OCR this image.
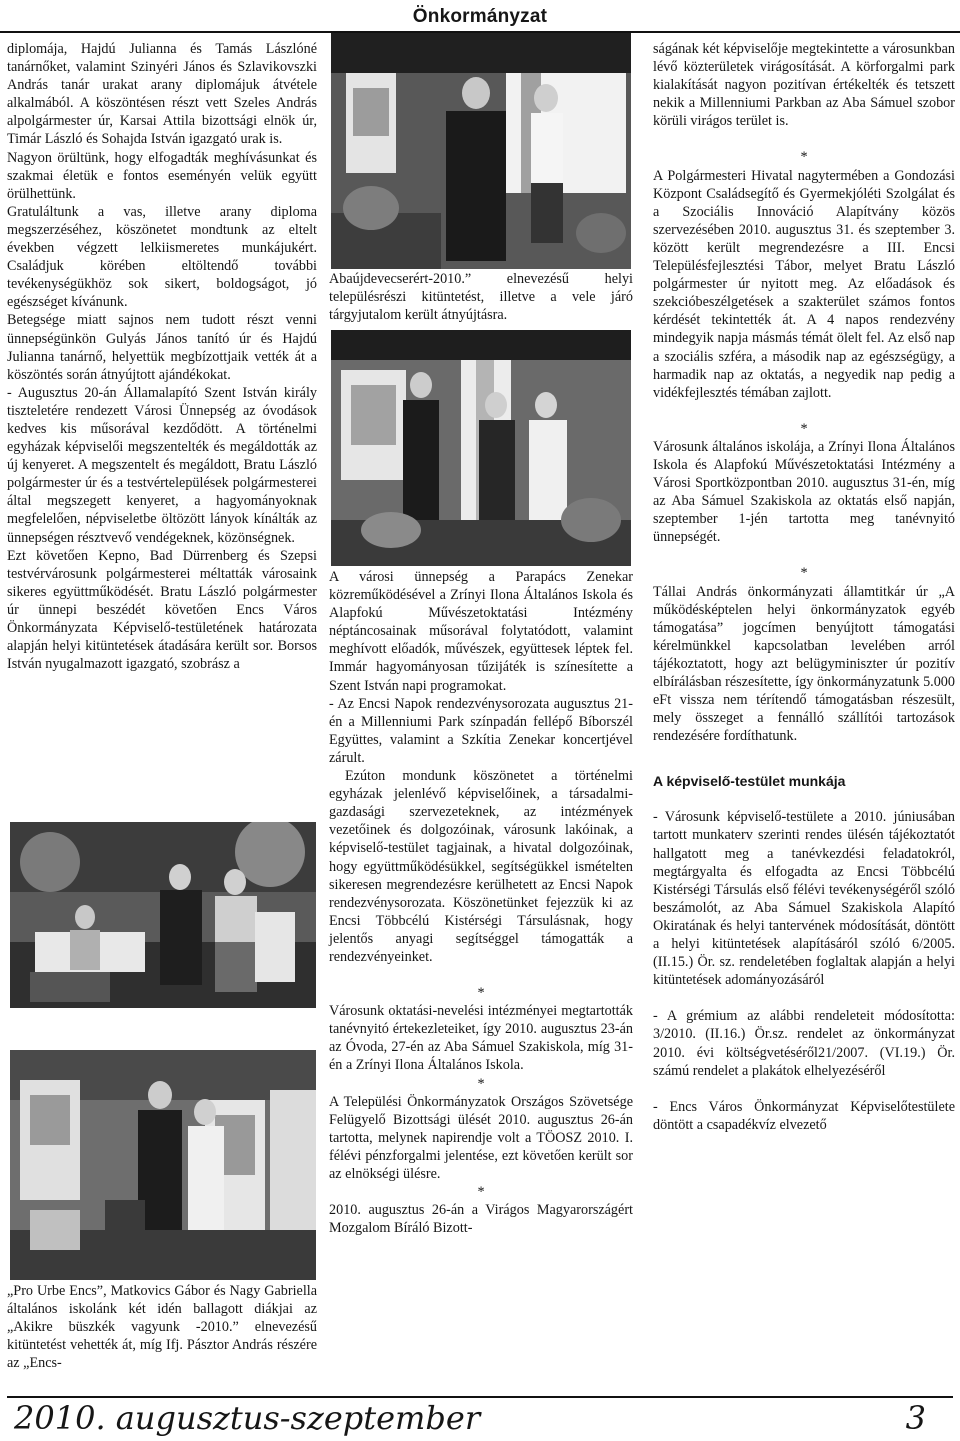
Önkormányzat

diplomája, Hajdú Julianna és Tamás Lászlóné tanárnőket, valamint Szinyéri János és Szlavikovszki András tanár urakat arany diplomájuk átvétele alkalmából. A köszöntésen részt vett Szeles András alpolgármester úr, Karsai Attila bizottsági elnök úr, Timár László és Sohajda István igazgató urak is.

Nagyon örültünk, hogy elfogadták meghívásunkat és szakmai életük e fontos eseményén velük együtt örülhettünk.

Gratuláltunk a vas, illetve arany diploma megszerzéséhez, köszönetet mondtunk az eltelt években végzett lelkiismeretes munkájukért. Családjuk körében eltöltendő további tevékenységükhöz sok sikert, boldogságot, jó egészséget kívánunk.

Betegsége miatt sajnos nem tudott részt venni ünnepségünkön Gulyás János tanító úr és Hajdú Julianna tanárnő, helyettük megbízottjaik vették át a köszöntés során átnyújtott ajándékokat.

- Augusztus 20-án Államalapító Szent István király tiszteletére rendezett Városi Ünnepség az óvodások kedves kis műsorával kezdődött. A történelmi egyházak képviselői megszentelték és megáldották az új kenyeret. A megszentelt és megáldott, Bratu László polgármester úr és a testvértelepülések polgármesterei által megszegett kenyeret, a hagyományoknak megfelelően, népviseletbe öltözött lányok kínálták az ünnepségen résztvevő vendégeknek, közönségnek.

Ezt követően Kepno, Bad Dürrenberg és Szepsi testvérvárosunk polgármesterei méltatták városaink sikeres együttműködését. Bratu László polgármester úr ünnepi beszédét követően Encs Város Önkormányzata Képviselő-testületének határozata alapján helyi kitüntetések átadására került sor. Borsos István nyugalmazott igazgató, szobrász a

„Pro Urbe Encs”, Matkovics Gábor és Nagy Gabriella általános iskolánk két idén ballagott diákjai az „Akikre büszkék vagyunk -2010.” elnevezésű kitüntetést vehették át, míg Ifj. Pásztor András részére az „Encs-

Abaújdevecserért-2010.” elnevezésű helyi településrészi kitüntetést, illetve a vele járó tárgyjutalom került átnyújtásra.

A városi ünnepség a Parapács Zenekar közreműködésével a Zrínyi Ilona Általános Iskola és Alapfokú Művészetoktatási Intézmény néptáncosainak műsorával folytatódott, valamint meghívott előadók, művészek, együttesek léptek fel. Immár hagyományosan tűzijáték is színesítette a Szent István napi programokat.

- Az Encsi Napok rendezvénysorozata augusztus 21-én a Millenniumi Park színpadán fellépő Bíborszél Együttes, valamint a Szkítia Zenekar koncertjével zárult.

Ezúton mondunk köszönetet a történelmi egyházak jelenlévő képviselőinek, a társadalmi-gazdasági szervezeteknek, az intézmények vezetőinek és dolgozóinak, városunk lakóinak, a képviselő-testület tagjainak, a hivatal dolgozóinak, hogy együttműködésükkel, segítségükkel ismételten sikeresen megrendezésre kerülhetett az Encsi Napok rendezvénysorozata. Köszönetünket fejezzük ki az Encsi Többcélú Kistérségi Társulásnak, hogy jelentős anyagi segítséggel támogatták a rendezvényeinket.

*

Városunk oktatási-nevelési intézményei megtartották tanévnyitó értekezleteiket, így 2010. augusztus 23-án az Óvoda, 27-én az Aba Sámuel Szakiskola, míg 31-én a Zrínyi Ilona Általános Iskola.

*

A Települési Önkormányzatok Országos Szövetsége Felügyelő Bizottsági ülését 2010. augusztus 26-án tartotta, melynek napirendje volt a TÖOSZ 2010. I. félévi pénzforgalmi jelentése, ezt követően került sor az elnökségi ülésre.

*

2010. augusztus 26-án a Virágos Magyarországért Mozgalom Bíráló Bizott-

ságának két képviselője megtekintette a városunkban lévő közterületek virágosítását. A körforgalmi park kialakítását nagyon pozitívan értékelték és tetszett nekik a Millenniumi Parkban az Aba Sámuel szobor körüli virágos terület is.

*

A Polgármesteri Hivatal nagytermében a Gondozási Központ Családsegítő és Gyermekjóléti Szolgálat és a Szociális Innováció Alapítvány közös szervezésében 2010. augusztus 31. és szeptember 3. között került megrendezésre a III. Encsi Településfejlesztési Tábor, melyet Bratu László polgármester úr nyitott meg. Az előadások és szekcióbeszélgetések a szakterület számos fontos kérdését tekintették át. A 4 napos rendezvény mindegyik napja másmás témát ölelt fel. Az első nap a szociális szféra, a második nap az egészségügy, a harmadik nap az oktatás, a negyedik nap pedig a vidékfejlesztés témában zajlott.

*

Városunk általános iskolája, a Zrínyi Ilona Általános Iskola és Alapfokú Művészetoktatási Intézmény a Városi Sportközpontban 2010. augusztus 31-én, míg az Aba Sámuel Szakiskola az oktatás első napján, szeptember 1-jén tartotta meg tanévnyitó ünnepségét.

*

Tállai András önkormányzati államtitkár úr „A működésképtelen helyi önkormányzatok egyéb támogatása” jogcímen benyújtott támogatási kérelmünkkel kapcsolatban levelében arról tájékoztatott, hogy azt belügyminiszter úr pozitív elbírálásban részesítette, így önkormányzatunk 5.000 eFt vissza nem térítendő támogatásban részesült, mely összeget a fennálló szállítói tartozások rendezésére fordíthatunk.

A képviselő-testület munkája

- Városunk képviselő-testülete a 2010. júniusában tartott munkaterv szerinti rendes ülésén tájékoztatót hallgatott meg a tanévkezdési feladatokról, megtárgyalta és elfogadta az Encsi Többcélú Kistérségi Társulás első félévi tevékenységéről szóló beszámolót, az Aba Sámuel Szakiskola Alapító Okiratának és helyi tantervének módosítását, döntött a helyi kitüntetések alapításáról szóló 6/2005. (II.15.) Ör. sz. rendeletében foglaltak alapján a helyi kitüntetések adományozásáról

- A grémium az alábbi rendeleteit módosította: 3/2010. (II.16.) Ör.sz. rendelet az önkormányzat 2010. évi költségvetéséről21/2007. (VI.19.) Ör. számú rendelet a plakátok elhelyezéséről

- Encs Város Önkormányzat Képviselőtestülete döntött a csapadékvíz elvezető

2010. augusztus-szeptember	3
